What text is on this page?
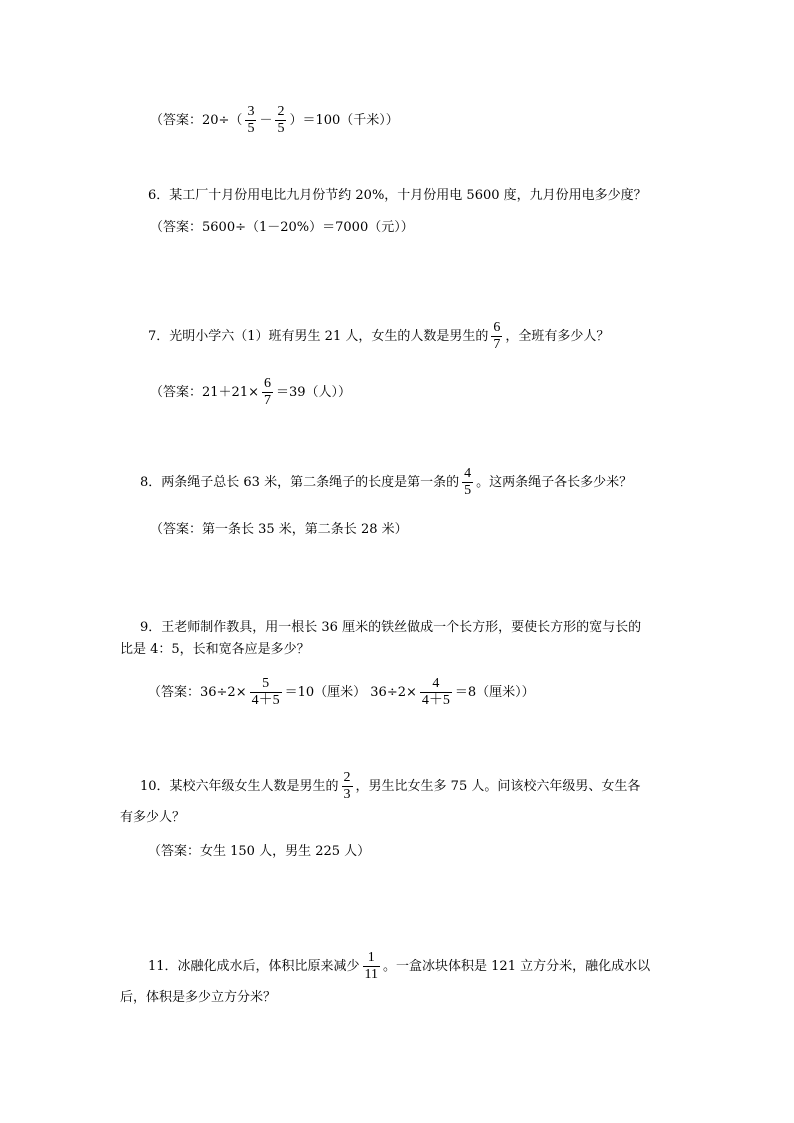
（答案：$20\div( \frac{3}{5} - \frac{2}{5} )=100$（千米））
6．某工厂十月份用电比九月份节约 20%，十月份用电 5600 度，九月份用电多少度？
（答案：5600÷（1－20%）＝7000（元））
7．光明小学六（1）班有男生 21 人，女生的人数是男生的 $\frac{6}{7}$ ，全班有多少人？
（答案：$21+21\times \frac{6}{7} =39$（人））
8．两条绳子总长 63 米，第二条绳子的长度是第一条的 $\frac{4}{5}$ 。这两条绳子各长多少米？
（答案：第一条长 35 米，第二条长 28 米）
9．王老师制作教具，用一根长 36 厘米的铁丝做成一个长方形，要使长方形的宽与长的
比是 4：5，长和宽各应是多少？
（答案：$36\div 2\times \frac{5}{4+5} =10$（厘米） $36\div 2\times \frac{4}{4+5} =8$（厘米））
10．某校六年级女生人数是男生的 $\frac{2}{3}$ ，男生比女生多 75 人。问该校六年级男、女生各
有多少人？
（答案：女生 150 人，男生 225 人）
11．冰融化成水后，体积比原来减少 $\frac{1}{11}$ 。一盒冰块体积是 121 立方分米，融化成水以
后，体积是多少立方分米？
